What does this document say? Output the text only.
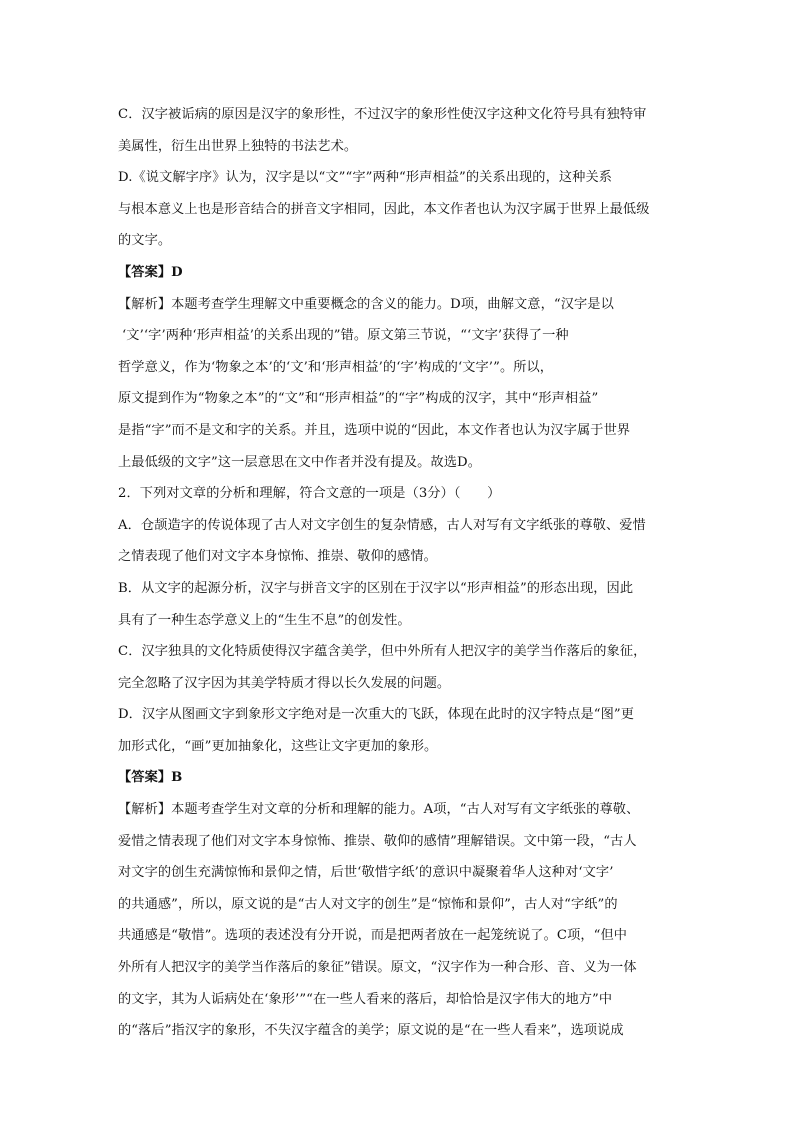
C．汉字被诟病的原因是汉字的象形性，不过汉字的象形性使汉字这种文化符号具有独特审
美属性，衍生出世界上独特的书法艺术。
D.《说文解字序》认为，汉字是以“文”“字”两种“形声相益”的关系出现的，这种关系
与根本意义上也是形音结合的拼音文字相同，因此，本文作者也认为汉字属于世界上最低级
的文字。
【答案】D
【解析】本题考查学生理解文中重要概念的含义的能力。D项，曲解文意，“汉字是以
‘文’‘字’两种‘形声相益’的关系出现的”错。原文第三节说，“‘文字’获得了一种
哲学意义，作为‘物象之本’的‘文’和‘形声相益’的‘字’构成的‘文字’”。所以，
原文提到作为“物象之本”的“文”和“形声相益”的“字”构成的汉字，其中“形声相益”
是指“字”而不是文和字的关系。并且，选项中说的“因此，本文作者也认为汉字属于世界
上最低级的文字”这一层意思在文中作者并没有提及。故选D。
2．下列对文章的分析和理解，符合文意的一项是（3分）（　　）
A．仓颉造字的传说体现了古人对文字创生的复杂情感，古人对写有文字纸张的尊敬、爱惜
之情表现了他们对文字本身惊怖、推崇、敬仰的感情。
B．从文字的起源分析，汉字与拼音文字的区别在于汉字以“形声相益”的形态出现，因此
具有了一种生态学意义上的“生生不息”的创发性。
C．汉字独具的文化特质使得汉字蕴含美学，但中外所有人把汉字的美学当作落后的象征，
完全忽略了汉字因为其美学特质才得以长久发展的问题。
D．汉字从图画文字到象形文字绝对是一次重大的飞跃，体现在此时的汉字特点是“图”更
加形式化，“画”更加抽象化，这些让文字更加的象形。
【答案】B
【解析】本题考查学生对文章的分析和理解的能力。A项，“古人对写有文字纸张的尊敬、
爱惜之情表现了他们对文字本身惊怖、推崇、敬仰的感情”理解错误。文中第一段，“古人
对文字的创生充满惊怖和景仰之情，后世‘敬惜字纸’的意识中凝聚着华人这种对‘文字’
的共通感”，所以，原文说的是“古人对文字的创生”是“惊怖和景仰”，古人对“字纸”的
共通感是“敬惜”。选项的表述没有分开说，而是把两者放在一起笼统说了。C项，“但中
外所有人把汉字的美学当作落后的象征”错误。原文，“汉字作为一种合形、音、义为一体
的文字，其为人诟病处在‘象形’”“在一些人看来的落后，却恰恰是汉字伟大的地方”中
的“落后”指汉字的象形，不失汉字蕴含的美学；原文说的是“在一些人看来”，选项说成
